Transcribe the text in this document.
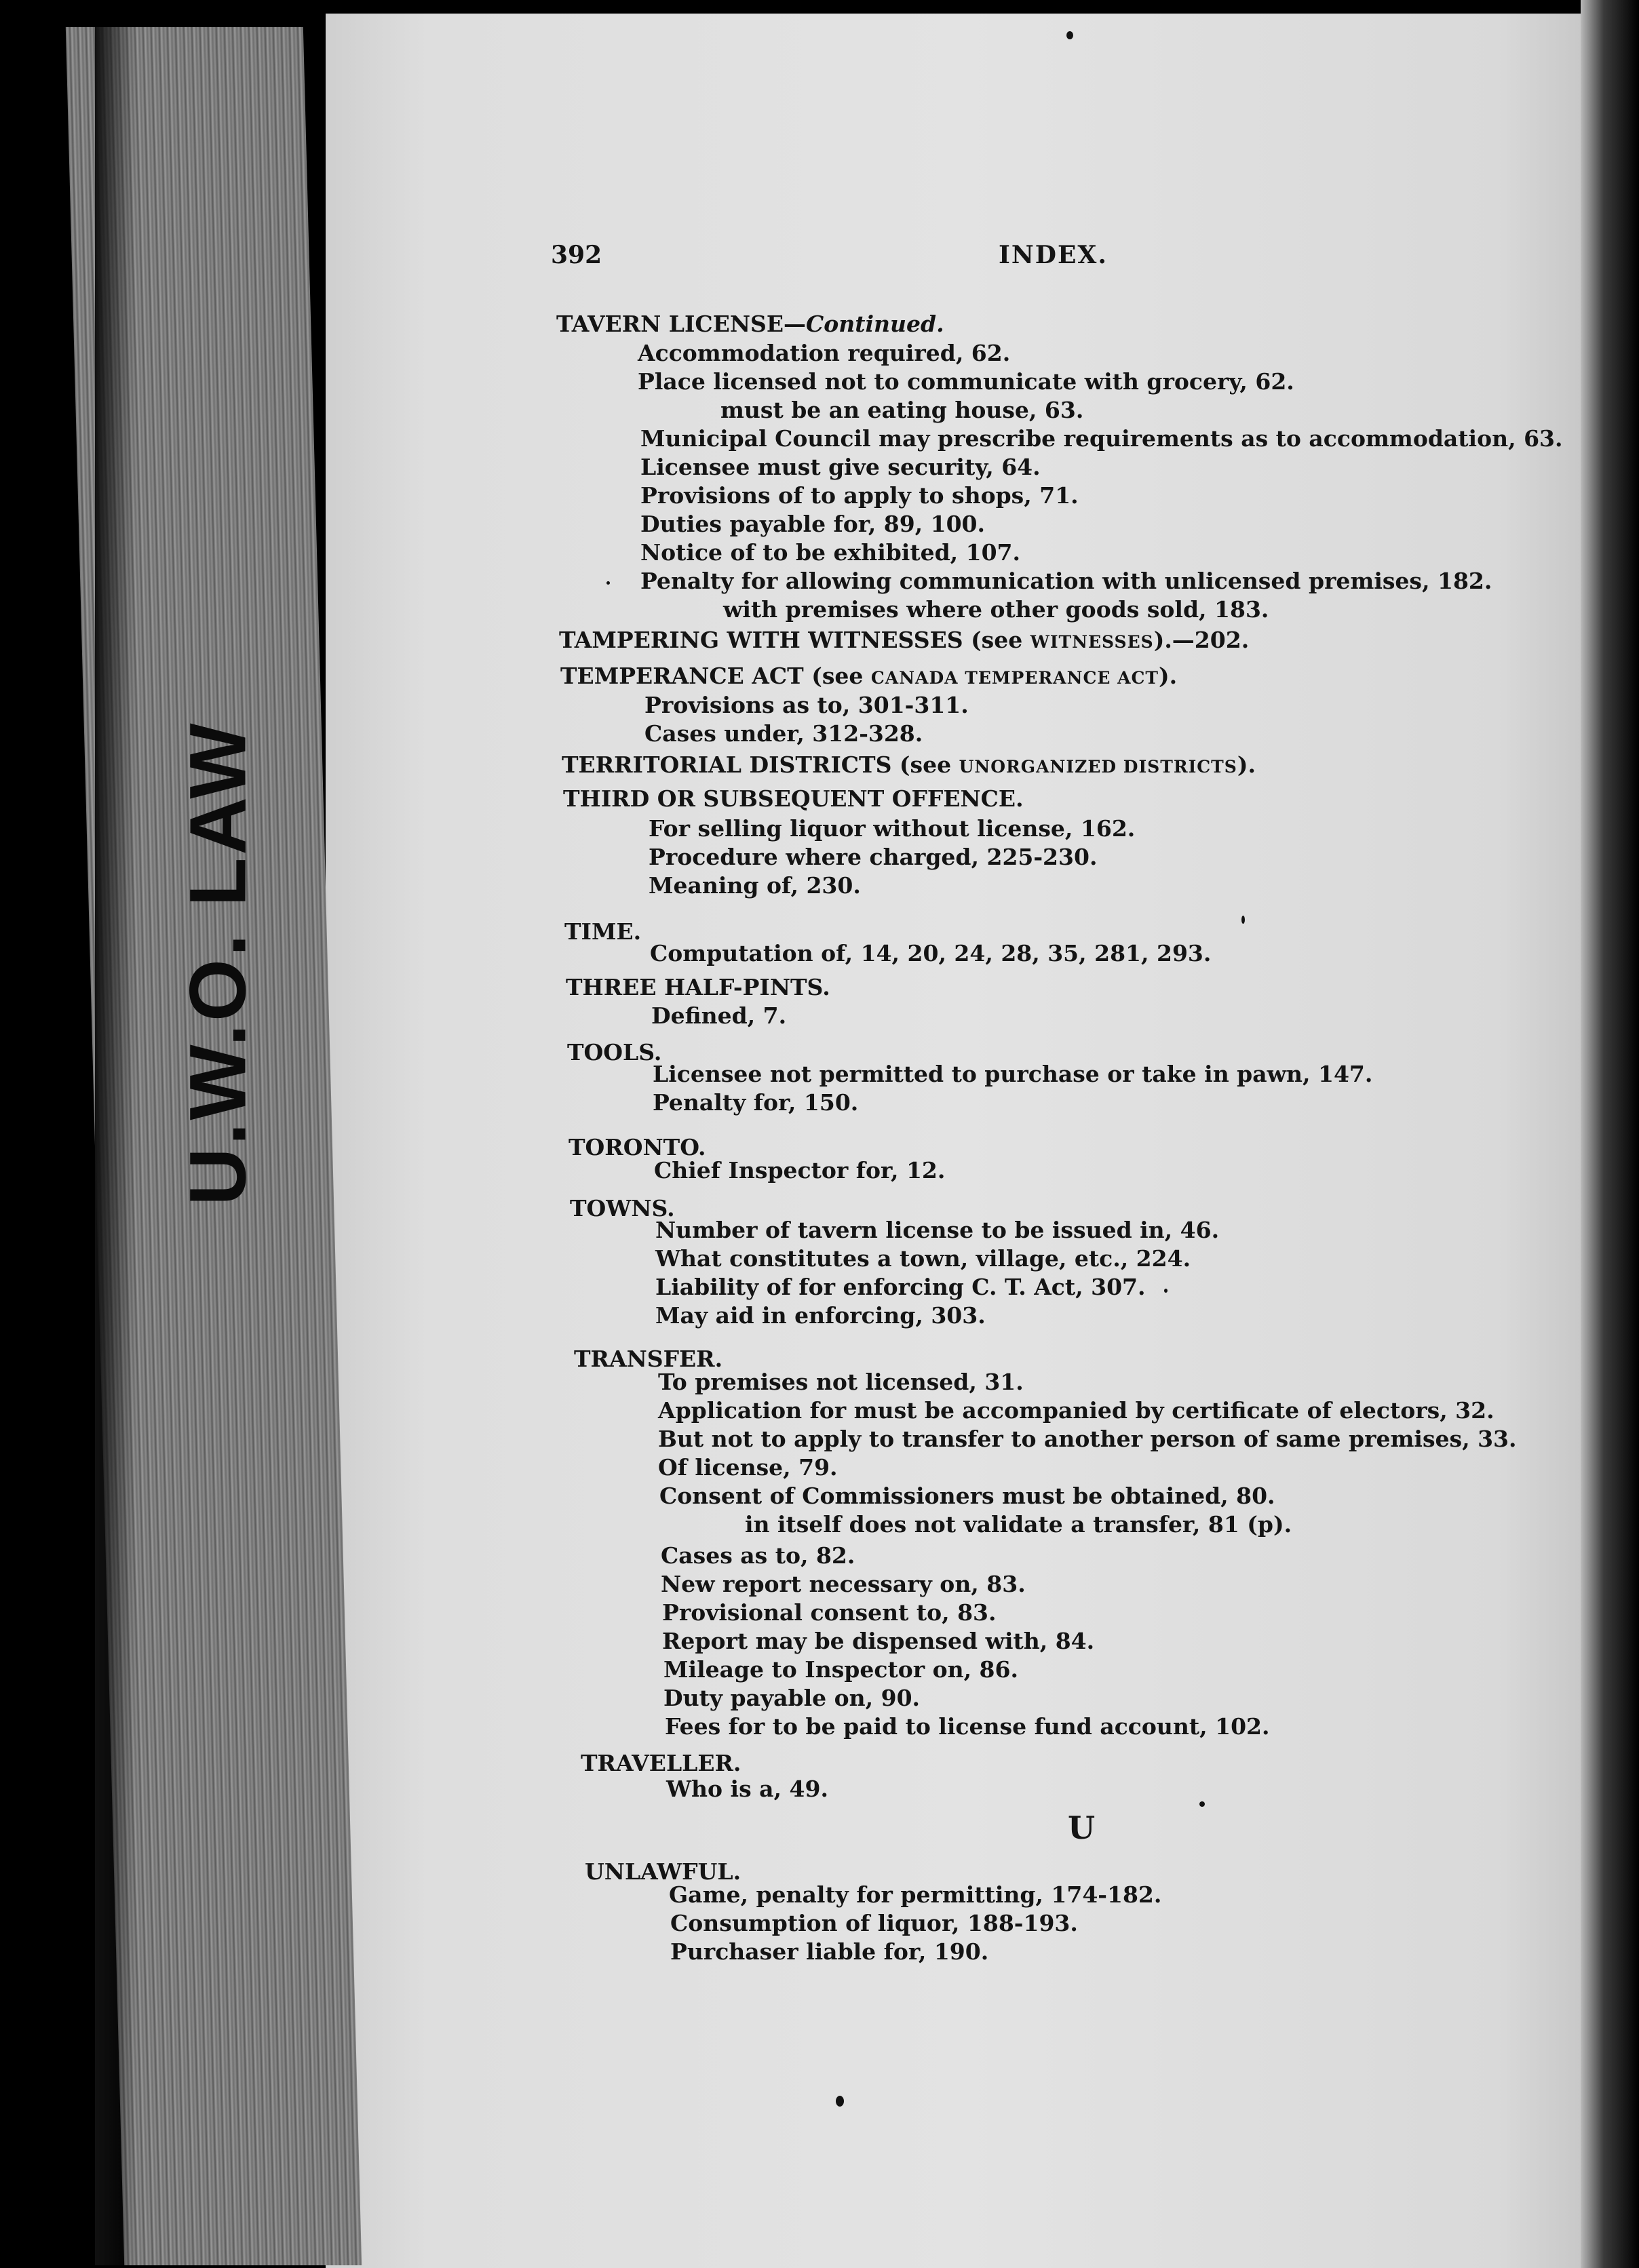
U.W.O. LAW
392	INDEX.
TAVERN LICENSE—Continued.
Accommodation required, 62.
Place licensed not to communicate with grocery, 62.
must be an eating house, 63.
Municipal Council may prescribe requirements as to accommodation, 63.
Licensee must give security, 64.
Provisions of to apply to shops, 71.
Duties payable for, 89, 100.
Notice of to be exhibited, 107.
Penalty for allowing communication with unlicensed premises, 182.
with premises where other goods sold, 183.
TAMPERING WITH WITNESSES (see WITNESSES).—202.
TEMPERANCE ACT (see CANADA TEMPERANCE ACT).
Provisions as to, 301-311.
Cases under, 312-328.
TERRITORIAL DISTRICTS (see UNORGANIZED DISTRICTS).
THIRD OR SUBSEQUENT OFFENCE.
For selling liquor without license, 162.
Procedure where charged, 225-230.
Meaning of, 230.
TIME.
Computation of, 14, 20, 24, 28, 35, 281, 293.
THREE HALF-PINTS.
Defined, 7.
TOOLS.
Licensee not permitted to purchase or take in pawn, 147.
Penalty for, 150.
TORONTO.
Chief Inspector for, 12.
TOWNS.
Number of tavern license to be issued in, 46.
What constitutes a town, village, etc., 224.
Liability of for enforcing C. T. Act, 307.
May aid in enforcing, 303.
TRANSFER.
To premises not licensed, 31.
Application for must be accompanied by certificate of electors, 32.
But not to apply to transfer to another person of same premises, 33.
Of license, 79.
Consent of Commissioners must be obtained, 80.
in itself does not validate a transfer, 81 (p).
Cases as to, 82.
New report necessary on, 83.
Provisional consent to, 83.
Report may be dispensed with, 84.
Mileage to Inspector on, 86.
Duty payable on, 90.
Fees for to be paid to license fund account, 102.
TRAVELLER.
Who is a, 49.
U
UNLAWFUL.
Game, penalty for permitting, 174-182.
Consumption of liquor, 188-193.
Purchaser liable for, 190.
